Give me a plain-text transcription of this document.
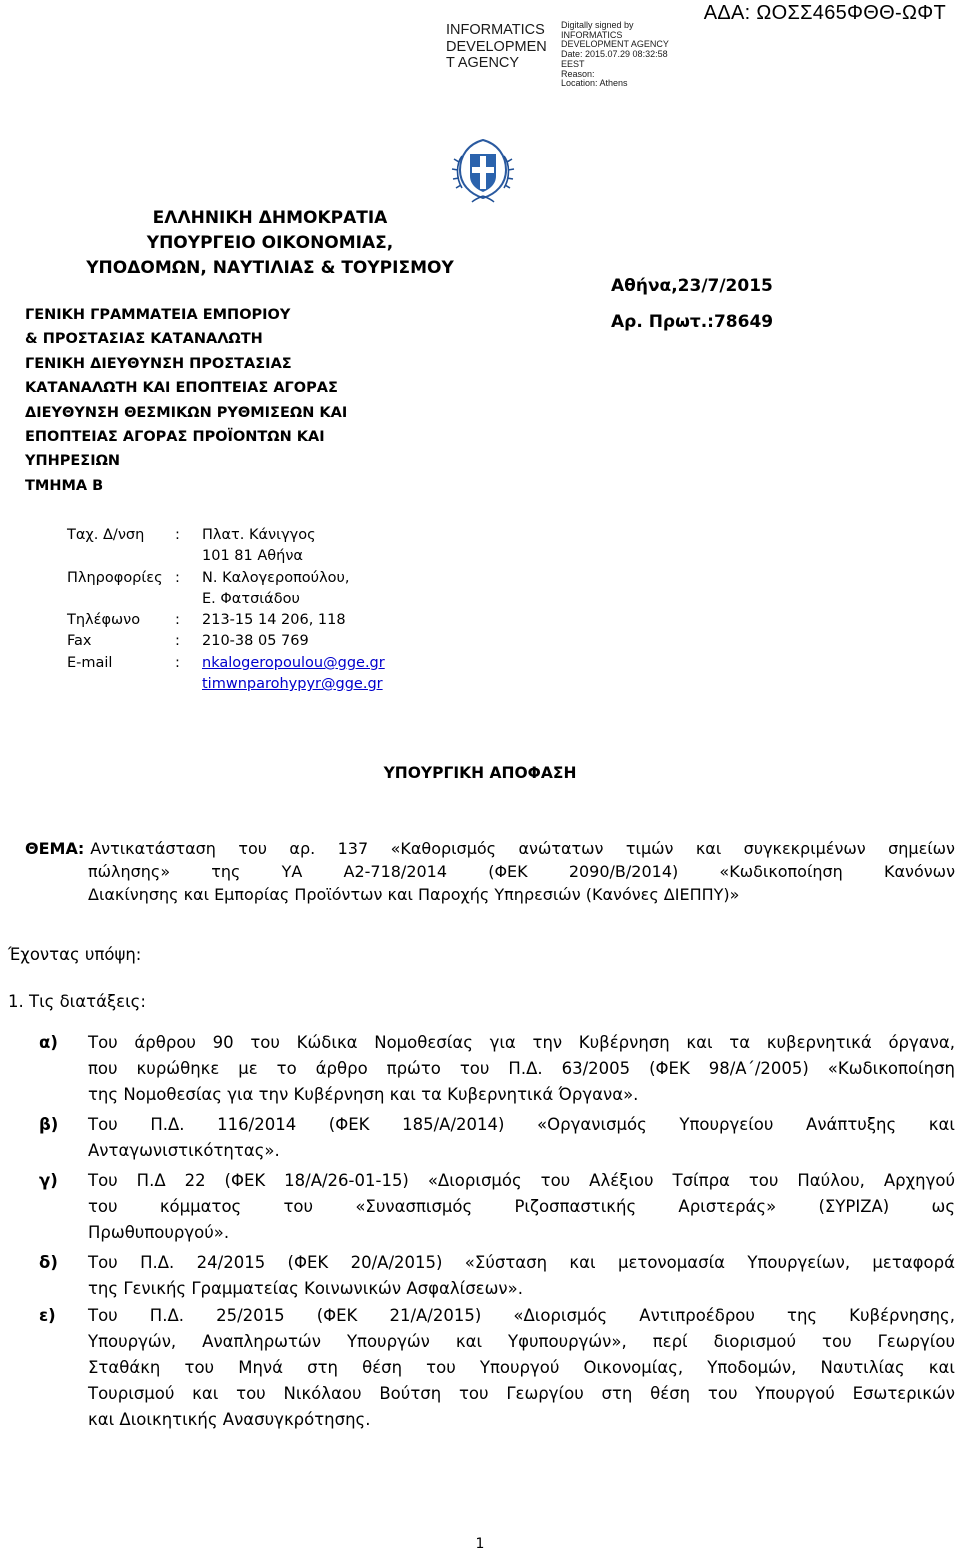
INFORMATICS
DEVELOPMEN
T AGENCY
Digitally signed by
INFORMATICS
DEVELOPMENT AGENCY
Date: 2015.07.29 08:32:58
EEST
Reason:
Location: Athens
ΑΔΑ: ΩΟΣΣ465ΦΘΘ-ΩΦΤ
ΕΛΛΗΝΙΚΗ ΔΗΜΟΚΡΑΤΙΑ
ΥΠΟΥΡΓΕΙΟ ΟΙΚΟΝΟΜΙΑΣ,
ΥΠΟΔΟΜΩΝ, ΝΑΥΤΙΛΙΑΣ & ΤΟΥΡΙΣΜΟΥ
ΓΕΝΙΚΗ ΓΡΑΜΜΑΤΕΙΑ ΕΜΠΟΡΙΟΥ
& ΠΡΟΣΤΑΣΙΑΣ ΚΑΤΑΝΑΛΩΤΗ
ΓΕΝΙΚΗ ΔΙΕΥΘΥΝΣΗ ΠΡΟΣΤΑΣΙΑΣ
ΚΑΤΑΝΑΛΩΤΗ ΚΑΙ ΕΠΟΠΤΕΙΑΣ ΑΓΟΡΑΣ
ΔΙΕΥΘΥΝΣΗ ΘΕΣΜΙΚΩΝ ΡΥΘΜΙΣΕΩΝ ΚΑΙ
ΕΠΟΠΤΕΙΑΣ ΑΓΟΡΑΣ ΠΡΟΪΟΝΤΩΝ ΚΑΙ
ΥΠΗΡΕΣΙΩΝ
ΤΜΗΜΑ Β
Αθήνα,23/7/2015
Αρ. Πρωτ.:78649
Ταχ. Δ/νση : Πλατ. Κάνιγγος
101 81 Αθήνα
Πληροφορίες : Ν. Καλογεροπούλου,
Ε. Φατσιάδου
Τηλέφωνο : 213-15 14 206, 118
Fax	: 210-38 05 769
E-mail	: nkalogeropoulou@gge.gr
timwnparohypyr@gge.gr
ΥΠΟΥΡΓΙΚΗ ΑΠΟΦΑΣΗ
ΘΕΜΑ: Αντικατάσταση του αρ. 137 «Καθορισμός ανώτατων τιμών και συγκεκριμένων σημείων
πώλησης» της ΥΑ Α2-718/2014 (ΦΕΚ 2090/Β/2014) «Κωδικοποίηση Κανόνων
Διακίνησης και Εμπορίας Προϊόντων και Παροχής Υπηρεσιών (Κανόνες ΔΙΕΠΠΥ)»
Έχοντας υπόψη:
1. Τις διατάξεις:
α) Του άρθρου 90 του Κώδικα Νομοθεσίας για την Κυβέρνηση και τα κυβερνητικά όργανα,
που κυρώθηκε με το άρθρο πρώτο του Π.Δ. 63/2005 (ΦΕΚ 98/Α΄/2005) «Κωδικοποίηση
της Νομοθεσίας για την Κυβέρνηση και τα Κυβερνητικά Όργανα».
β) Του Π.Δ. 116/2014 (ΦΕΚ 185/Α/2014) «Οργανισμός Υπουργείου Ανάπτυξης και
Ανταγωνιστικότητας».
γ) Του Π.Δ 22 (ΦΕΚ 18/Α/26-01-15) «Διορισμός του Αλέξιου Τσίπρα του Παύλου, Αρχηγού
του κόμματος του «Συνασπισμός Ριζοσπαστικής Αριστεράς» (ΣΥΡΙΖΑ) ως
Πρωθυπουργού».
δ) Του Π.Δ. 24/2015 (ΦΕΚ 20/Α/2015) «Σύσταση και μετονομασία Υπουργείων, μεταφορά
της Γενικής Γραμματείας Κοινωνικών Ασφαλίσεων».
ε) Του Π.Δ. 25/2015 (ΦΕΚ 21/Α/2015) «Διορισμός Αντιπροέδρου της Κυβέρνησης,
Υπουργών, Αναπληρωτών Υπουργών και Υφυπουργών», περί διορισμού του Γεωργίου
Σταθάκη του Μηνά στη θέση του Υπουργού Οικονομίας, Υποδομών, Ναυτιλίας και
Τουρισμού και του Νικόλαου Βούτση του Γεωργίου στη θέση του Υπουργού Εσωτερικών
και Διοικητικής Ανασυγκρότησης.
1
